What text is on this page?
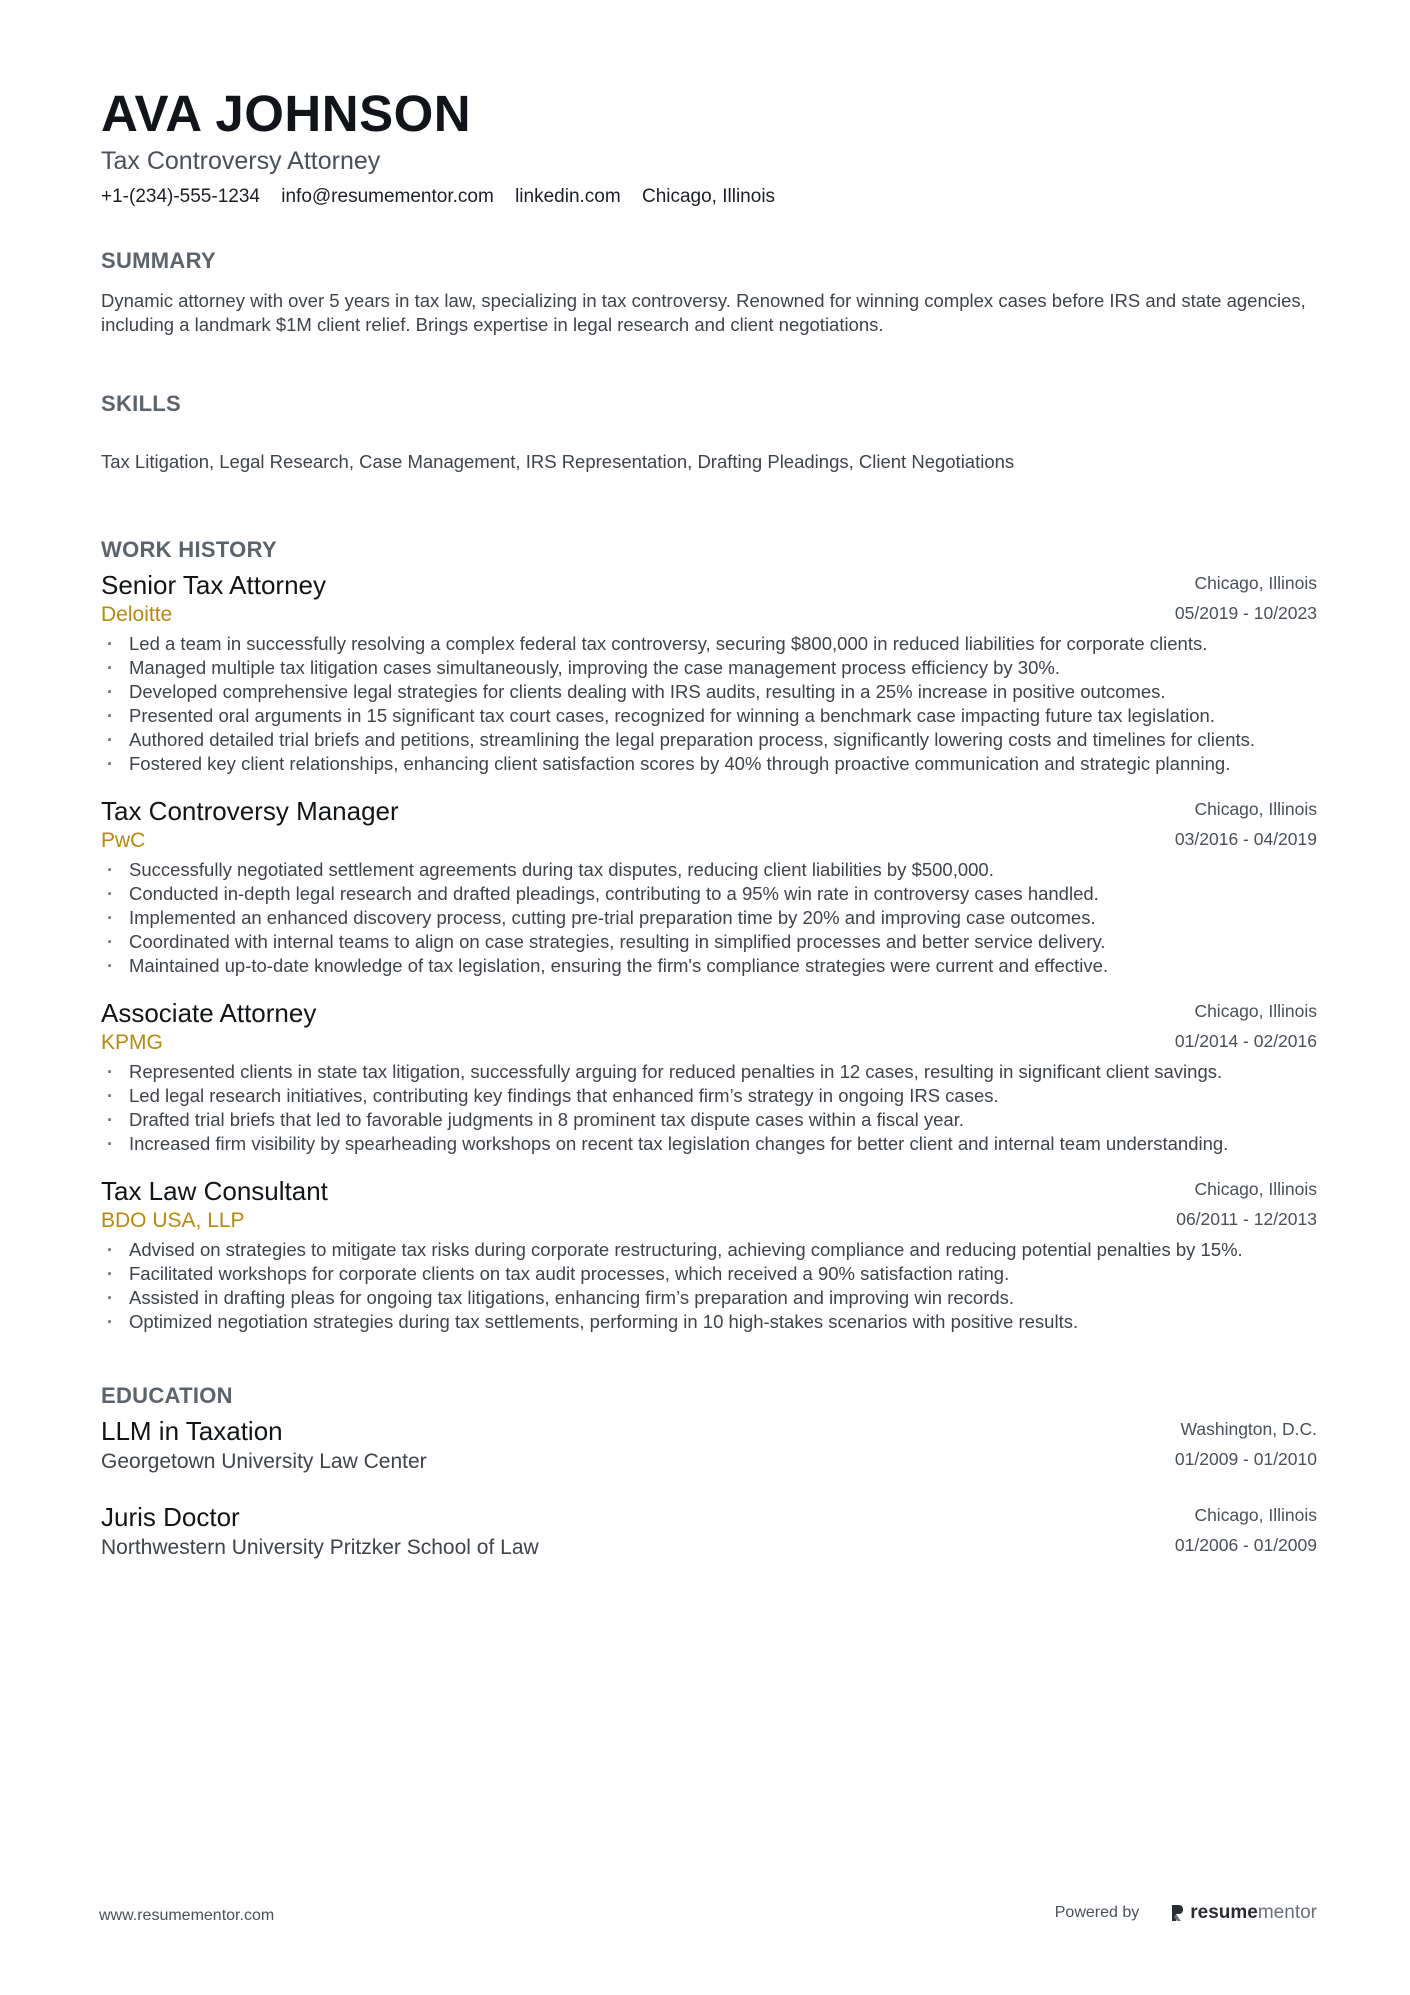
AVA JOHNSON
Tax Controversy Attorney
+1-(234)-555-1234 info@resumementor.com linkedin.com Chicago, Illinois
SUMMARY
Dynamic attorney with over 5 years in tax law, specializing in tax controversy. Renowned for winning complex cases before IRS and state agencies, including a landmark $1M client relief. Brings expertise in legal research and client negotiations.
SKILLS
Tax Litigation, Legal Research, Case Management, IRS Representation, Drafting Pleadings, Client Negotiations
WORK HISTORY
Senior Tax Attorney
Deloitte
Chicago, Illinois
05/2019 - 10/2023
· Led a team in successfully resolving a complex federal tax controversy, securing $800,000 in reduced liabilities for corporate clients.
· Managed multiple tax litigation cases simultaneously, improving the case management process efficiency by 30%.
· Developed comprehensive legal strategies for clients dealing with IRS audits, resulting in a 25% increase in positive outcomes.
· Presented oral arguments in 15 significant tax court cases, recognized for winning a benchmark case impacting future tax legislation.
· Authored detailed trial briefs and petitions, streamlining the legal preparation process, significantly lowering costs and timelines for clients.
· Fostered key client relationships, enhancing client satisfaction scores by 40% through proactive communication and strategic planning.
Tax Controversy Manager
PwC
Chicago, Illinois
03/2016 - 04/2019
· Successfully negotiated settlement agreements during tax disputes, reducing client liabilities by $500,000.
· Conducted in-depth legal research and drafted pleadings, contributing to a 95% win rate in controversy cases handled.
· Implemented an enhanced discovery process, cutting pre-trial preparation time by 20% and improving case outcomes.
· Coordinated with internal teams to align on case strategies, resulting in simplified processes and better service delivery.
· Maintained up-to-date knowledge of tax legislation, ensuring the firm's compliance strategies were current and effective.
Associate Attorney
KPMG
Chicago, Illinois
01/2014 - 02/2016
· Represented clients in state tax litigation, successfully arguing for reduced penalties in 12 cases, resulting in significant client savings.
· Led legal research initiatives, contributing key findings that enhanced firm’s strategy in ongoing IRS cases.
· Drafted trial briefs that led to favorable judgments in 8 prominent tax dispute cases within a fiscal year.
· Increased firm visibility by spearheading workshops on recent tax legislation changes for better client and internal team understanding.
Tax Law Consultant
BDO USA, LLP
Chicago, Illinois
06/2011 - 12/2013
· Advised on strategies to mitigate tax risks during corporate restructuring, achieving compliance and reducing potential penalties by 15%.
· Facilitated workshops for corporate clients on tax audit processes, which received a 90% satisfaction rating.
· Assisted in drafting pleas for ongoing tax litigations, enhancing firm’s preparation and improving win records.
· Optimized negotiation strategies during tax settlements, performing in 10 high-stakes scenarios with positive results.
EDUCATION
LLM in Taxation
Georgetown University Law Center
Washington, D.C.
01/2009 - 01/2010
Juris Doctor
Northwestern University Pritzker School of Law
Chicago, Illinois
01/2006 - 01/2009
www.resumementor.com	Powered by	resume mentor
